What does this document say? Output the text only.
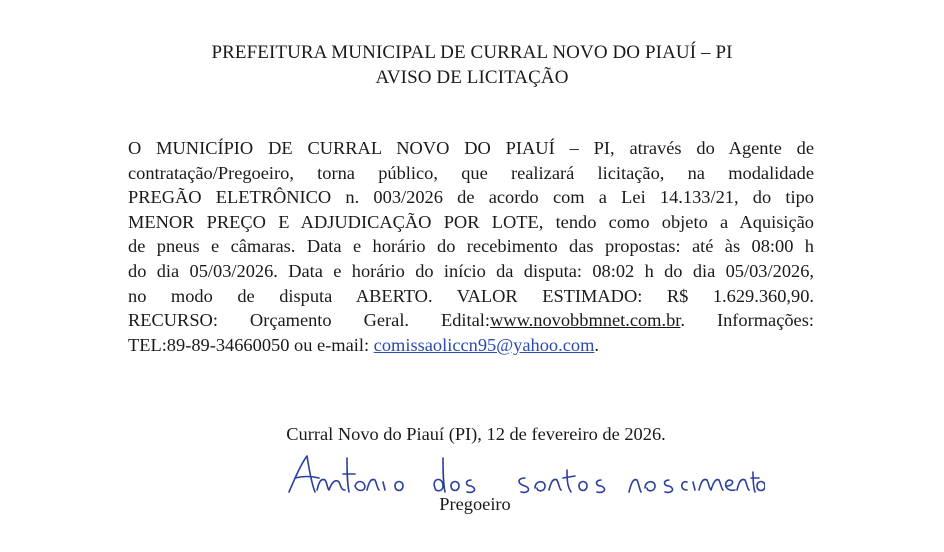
PREFEITURA MUNICIPAL DE CURRAL NOVO DO PIAUÍ – PI
AVISO DE LICITAÇÃO
O MUNICÍPIO DE CURRAL NOVO DO PIAUÍ – PI, através do Agente de
contratação/Pregoeiro, torna público, que realizará licitação, na modalidade
PREGÃO ELETRÔNICO n. 003/2026 de acordo com a Lei 14.133/21, do tipo
MENOR PREÇO E ADJUDICAÇÃO POR LOTE, tendo como objeto a Aquisição
de pneus e câmaras. Data e horário do recebimento das propostas: até às 08:00 h
do dia 05/03/2026. Data e horário do início da disputa: 08:02 h do dia 05/03/2026,
no modo de disputa ABERTO. VALOR ESTIMADO: R$ 1.629.360,90.
RECURSO: Orçamento Geral. Edital:www.novobbmnet.com.br. Informações:
TEL:89-89-34660050 ou e-mail: comissaoliccn95@yahoo.com.
Curral Novo do Piauí (PI), 12 de fevereiro de 2026.
Pregoeiro
